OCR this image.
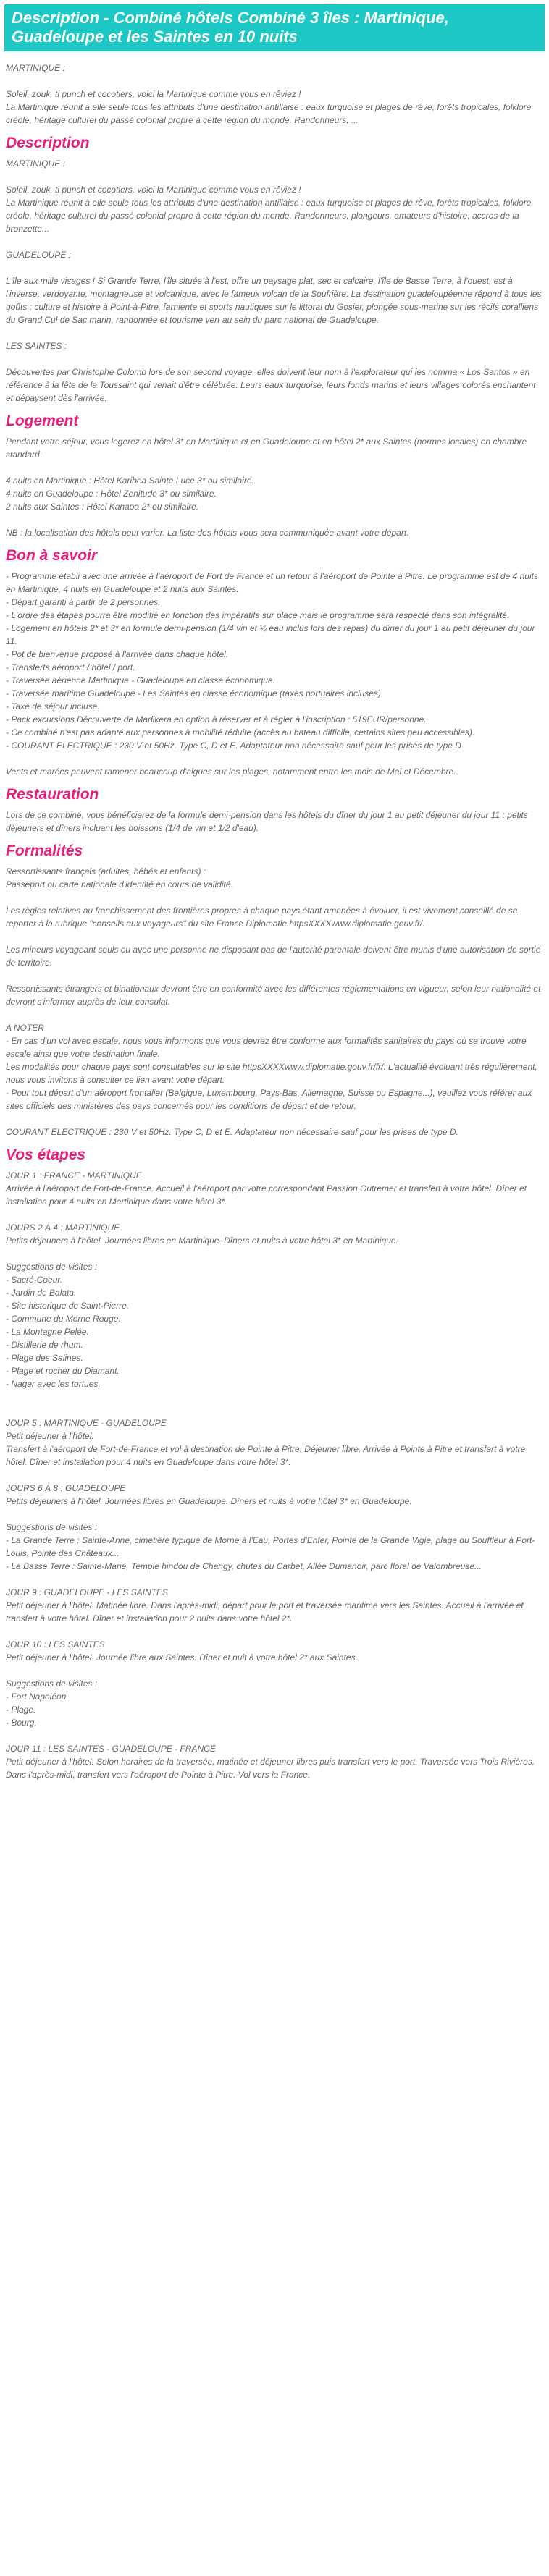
Description - Combiné hôtels Combiné 3 îles : Martinique, Guadeloupe et les Saintes en 10 nuits

MARTINIQUE :

Soleil, zouk, ti punch et cocotiers, voici la Martinique comme vous en rêviez !
La Martinique réunit à elle seule tous les attributs d'une destination antillaise : eaux turquoise et plages de rêve, forêts tropicales, folklore créole, héritage culturel du passé colonial propre à cette région du monde. Randonneurs, ...

Description

MARTINIQUE :

Soleil, zouk, ti punch et cocotiers, voici la Martinique comme vous en rêviez !
La Martinique réunit à elle seule tous les attributs d'une destination antillaise : eaux turquoise et plages de rêve, forêts tropicales, folklore créole, héritage culturel du passé colonial propre à cette région du monde. Randonneurs, plongeurs, amateurs d'histoire, accros de la bronzette...

GUADELOUPE :

L'île aux mille visages ! Si Grande Terre, l'île située à l'est, offre un paysage plat, sec et calcaire, l'île de Basse Terre, à l'ouest, est à l'inverse, verdoyante, montagneuse et volcanique, avec le fameux volcan de la Soufrière. La destination guadeloupéenne répond à tous les goûts : culture et histoire à Point-à-Pitre, farniente et sports nautiques sur le littoral du Gosier, plongée sous-marine sur les récifs coralliens du Grand Cul de Sac marin, randonnée et tourisme vert au sein du parc national de Guadeloupe.

LES SAINTES :

Découvertes par Christophe Colomb lors de son second voyage, elles doivent leur nom à l'explorateur qui les nomma « Los Santos » en référence à la fête de la Toussaint qui venait d'être célébrée. Leurs eaux turquoise, leurs fonds marins et leurs villages colorés enchantent et dépaysent dès l'arrivée.

Logement

Pendant votre séjour, vous logerez en hôtel 3* en Martinique et en Guadeloupe et en hôtel 2* aux Saintes (normes locales) en chambre standard.

4 nuits en Martinique : Hôtel Karibea Sainte Luce 3* ou similaire.
4 nuits en Guadeloupe : Hôtel Zenitude 3* ou similaire.
2 nuits aux Saintes : Hôtel Kanaoa 2* ou similaire.

NB : la localisation des hôtels peut varier. La liste des hôtels vous sera communiquée avant votre départ.

Bon à savoir

- Programme établi avec une arrivée à l'aéroport de Fort de France et un retour à l'aéroport de Pointe à Pitre. Le programme est de 4 nuits en Martinique, 4 nuits en Guadeloupe et 2 nuits aux Saintes.
- Départ garanti à partir de 2 personnes.
- L'ordre des étapes pourra être modifié en fonction des impératifs sur place mais le programme sera respecté dans son intégralité.
- Logement en hôtels 2* et 3* en formule demi-pension (1/4 vin et ½ eau inclus lors des repas) du dîner du jour 1 au petit déjeuner du jour 11.
- Pot de bienvenue proposé à l'arrivée dans chaque hôtel.
- Transferts aéroport / hôtel / port.
- Traversée aérienne Martinique - Guadeloupe en classe économique.
- Traversée maritime Guadeloupe - Les Saintes en classe économique (taxes portuaires incluses).
- Taxe de séjour incluse.
- Pack excursions Découverte de Madikera en option à réserver et à régler à l'inscription : 519EUR/personne.
- Ce combiné n'est pas adapté aux personnes à mobilité réduite (accès au bateau difficile, certains sites peu accessibles).
- COURANT ELECTRIQUE : 230 V et 50Hz. Type C, D et E. Adaptateur non nécessaire sauf pour les prises de type D.

Vents et marées peuvent ramener beaucoup d'algues sur les plages, notamment entre les mois de Mai et Décembre.

Restauration

Lors de ce combiné, vous bénéficierez de la formule demi-pension dans les hôtels du dîner du jour 1 au petit déjeuner du jour 11 : petits déjeuners et dîners incluant les boissons (1/4 de vin et 1/2 d'eau).

Formalités

Ressortissants français (adultes, bébés et enfants) :
Passeport ou carte nationale d'identité en cours de validité.

Les règles relatives au franchissement des frontières propres à chaque pays étant amenées à évoluer, il est vivement conseillé de se reporter à la rubrique "conseils aux voyageurs" du site France Diplomatie.httpsXXXXwww.diplomatie.gouv.fr/.

Les mineurs voyageant seuls ou avec une personne ne disposant pas de l'autorité parentale doivent être munis d'une autorisation de sortie de territoire.

Ressortissants étrangers et binationaux devront être en conformité avec les différentes réglementations en vigueur, selon leur nationalité et devront s'informer auprès de leur consulat.

A NOTER
- En cas d'un vol avec escale, nous vous informons que vous devrez être conforme aux formalités sanitaires du pays où se trouve votre escale ainsi que votre destination finale.
Les modalités pour chaque pays sont consultables sur le site httpsXXXXwww.diplomatie.gouv.fr/fr/. L'actualité évoluant très régulièrement, nous vous invitons à consulter ce lien avant votre départ.
- Pour tout départ d'un aéroport frontalier (Belgique, Luxembourg, Pays-Bas, Allemagne, Suisse ou Espagne...), veuillez vous référer aux sites officiels des ministères des pays concernés pour les conditions de départ et de retour.

COURANT ELECTRIQUE : 230 V et 50Hz. Type C, D et E. Adaptateur non nécessaire sauf pour les prises de type D.

Vos étapes

JOUR 1 : FRANCE - MARTINIQUE
Arrivée à l'aéroport de Fort-de-France. Accueil à l'aéroport par votre correspondant Passion Outremer et transfert à votre hôtel. Dîner et installation pour 4 nuits en Martinique dans votre hôtel 3*.

JOURS 2 À 4 : MARTINIQUE
Petits déjeuners à l'hôtel. Journées libres en Martinique. Dîners et nuits à votre hôtel 3* en Martinique.

Suggestions de visites :
- Sacré-Coeur.
- Jardin de Balata.
- Site historique de Saint-Pierre.
- Commune du Morne Rouge.
- La Montagne Pelée.
- Distillerie de rhum.
- Plage des Salines.
- Plage et rocher du Diamant.
- Nager avec les tortues.

JOUR 5 : MARTINIQUE - GUADELOUPE
Petit déjeuner à l'hôtel.
Transfert à l'aéroport de Fort-de-France et vol à destination de Pointe à Pitre. Déjeuner libre. Arrivée à Pointe à Pitre et transfert à votre hôtel. Dîner et installation pour 4 nuits en Guadeloupe dans votre hôtel 3*.

JOURS 6 À 8 : GUADELOUPE
Petits déjeuners à l'hôtel. Journées libres en Guadeloupe. Dîners et nuits à votre hôtel 3* en Guadeloupe.

Suggestions de visites :
- La Grande Terre : Sainte-Anne, cimetière typique de Morne à l'Eau, Portes d'Enfer, Pointe de la Grande Vigie, plage du Souffleur à Port-Louis, Pointe des Châteaux...
- La Basse Terre : Sainte-Marie, Temple hindou de Changy, chutes du Carbet, Allée Dumanoir, parc floral de Valombreuse...

JOUR 9 : GUADELOUPE - LES SAINTES
Petit déjeuner à l'hôtel. Matinée libre. Dans l'après-midi, départ pour le port et traversée maritime vers les Saintes. Accueil à l'arrivée et transfert à votre hôtel. Dîner et installation pour 2 nuits dans votre hôtel 2*.

JOUR 10 : LES SAINTES
Petit déjeuner à l'hôtel. Journée libre aux Saintes. Dîner et nuit à votre hôtel 2* aux Saintes.

Suggestions de visites :
- Fort Napoléon.
- Plage.
- Bourg.

JOUR 11 : LES SAINTES - GUADELOUPE - FRANCE
Petit déjeuner à l'hôtel. Selon horaires de la traversée, matinée et déjeuner libres puis transfert vers le port. Traversée vers Trois Rivières. Dans l'après-midi, transfert vers l'aéroport de Pointe à Pitre. Vol vers la France.
